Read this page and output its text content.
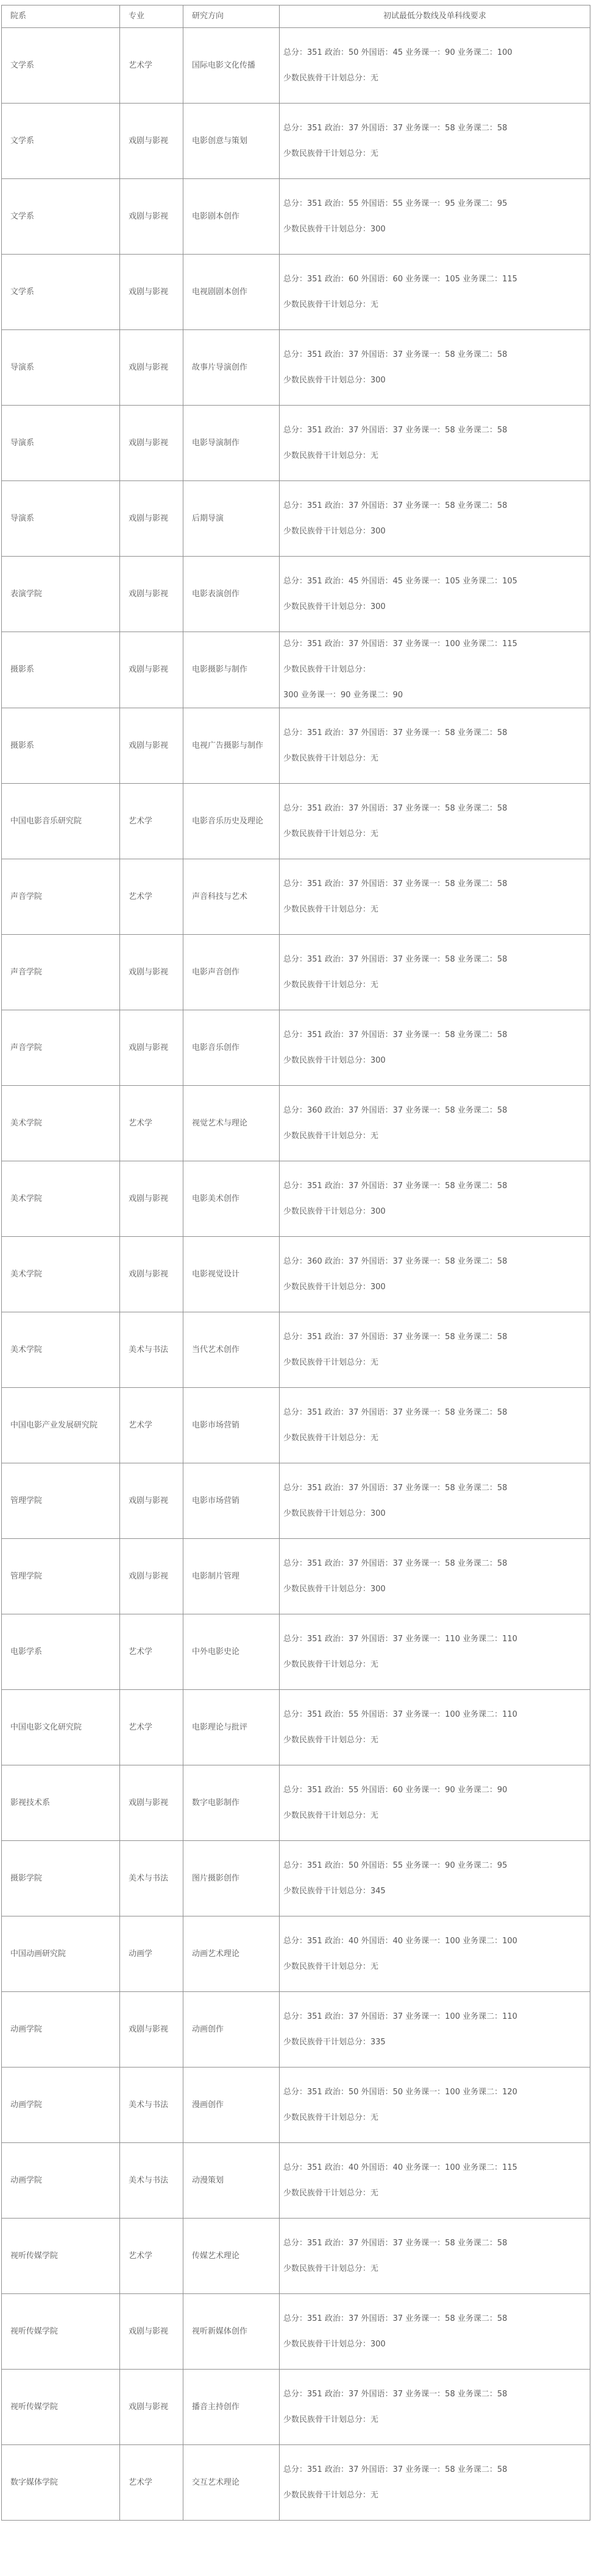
院系	专业	研究方向	初试最低分数线及单科线要求
文学系	艺术学	国际电影文化传播	总分：351 政治：50 外国语：45 业务课一：90 业务课二：100
少数民族骨干计划总分：无

文学系	戏剧与影视	电影创意与策划	总分：351 政治：37 外国语：37 业务课一：58 业务课二：58
少数民族骨干计划总分：无

文学系	戏剧与影视	电影剧本创作	总分：351 政治：55 外国语：55 业务课一：95 业务课二：95
少数民族骨干计划总分：300

文学系	戏剧与影视	电视剧剧本创作	总分：351 政治：60 外国语：60 业务课一：105 业务课二：115
少数民族骨干计划总分：无

导演系	戏剧与影视	故事片导演创作	总分：351 政治：37 外国语：37 业务课一：58 业务课二：58
少数民族骨干计划总分：300

导演系	戏剧与影视	电影导演制作	总分：351 政治：37 外国语：37 业务课一：58 业务课二：58
少数民族骨干计划总分：无

导演系	戏剧与影视	后期导演	总分：351 政治：37 外国语：37 业务课一：58 业务课二：58
少数民族骨干计划总分：300

表演学院	戏剧与影视	电影表演创作	总分：351 政治：45 外国语：45 业务课一：105 业务课二：105
少数民族骨干计划总分：300

摄影系	戏剧与影视	电影摄影与制作	总分：351 政治：37 外国语：37 业务课一：100 业务课二：115
少数民族骨干计划总分：
300 业务课一：90 业务课二：90

摄影系	戏剧与影视	电视广告摄影与制作	总分：351 政治：37 外国语：37 业务课一：58 业务课二：58
少数民族骨干计划总分：无

中国电影音乐研究院	艺术学	电影音乐历史及理论	总分：351 政治：37 外国语：37 业务课一：58 业务课二：58
少数民族骨干计划总分：无

声音学院	艺术学	声音科技与艺术	总分：351 政治：37 外国语：37 业务课一：58 业务课二：58
少数民族骨干计划总分：无

声音学院	戏剧与影视	电影声音创作	总分：351 政治：37 外国语：37 业务课一：58 业务课二：58
少数民族骨干计划总分：无

声音学院	戏剧与影视	电影音乐创作	总分：351 政治：37 外国语：37 业务课一：58 业务课二：58
少数民族骨干计划总分：300

美术学院	艺术学	视觉艺术与理论	总分：360 政治：37 外国语：37 业务课一：58 业务课二：58
少数民族骨干计划总分：无

美术学院	戏剧与影视	电影美术创作	总分：351 政治：37 外国语：37 业务课一：58 业务课二：58
少数民族骨干计划总分：300

美术学院	戏剧与影视	电影视觉设计	总分：360 政治：37 外国语：37 业务课一：58 业务课二：58
少数民族骨干计划总分：300

美术学院	美术与书法	当代艺术创作	总分：351 政治：37 外国语：37 业务课一：58 业务课二：58
少数民族骨干计划总分：无

中国电影产业发展研究院	艺术学	电影市场营销	总分：351 政治：37 外国语：37 业务课一：58 业务课二：58
少数民族骨干计划总分：无

管理学院	戏剧与影视	电影市场营销	总分：351 政治：37 外国语：37 业务课一：58 业务课二：58
少数民族骨干计划总分：300

管理学院	戏剧与影视	电影制片管理	总分：351 政治：37 外国语：37 业务课一：58 业务课二：58
少数民族骨干计划总分：300

电影学系	艺术学	中外电影史论	总分：351 政治：37 外国语：37 业务课一：110 业务课二：110
少数民族骨干计划总分：无

中国电影文化研究院	艺术学	电影理论与批评	总分：351 政治：55 外国语：37 业务课一：100 业务课二：110
少数民族骨干计划总分：无

影视技术系	戏剧与影视	数字电影制作	总分：351 政治：55 外国语：60 业务课一：90 业务课二：90
少数民族骨干计划总分：无

摄影学院	美术与书法	图片摄影创作	总分：351 政治：50 外国语：55 业务课一：90 业务课二：95
少数民族骨干计划总分：345

中国动画研究院	动画学	动画艺术理论	总分：351 政治：40 外国语：40 业务课一：100 业务课二：100
少数民族骨干计划总分：无

动画学院	戏剧与影视	动画创作	总分：351 政治：37 外国语：37 业务课一：100 业务课二：110
少数民族骨干计划总分：335

动画学院	美术与书法	漫画创作	总分：351 政治：50 外国语：50 业务课一：100 业务课二：120
少数民族骨干计划总分：无

动画学院	美术与书法	动漫策划	总分：351 政治：40 外国语：40 业务课一：100 业务课二：115
少数民族骨干计划总分：无

视听传媒学院	艺术学	传媒艺术理论	总分：351 政治：37 外国语：37 业务课一：58 业务课二：58
少数民族骨干计划总分：无

视听传媒学院	戏剧与影视	视听新媒体创作	总分：351 政治：37 外国语：37 业务课一：58 业务课二：58
少数民族骨干计划总分：300

视听传媒学院	戏剧与影视	播音主持创作	总分：351 政治：37 外国语：37 业务课一：58 业务课二：58
少数民族骨干计划总分：无

数字媒体学院	艺术学	交互艺术理论	总分：351 政治：37 外国语：37 业务课一：58 业务课二：58
少数民族骨干计划总分：无
